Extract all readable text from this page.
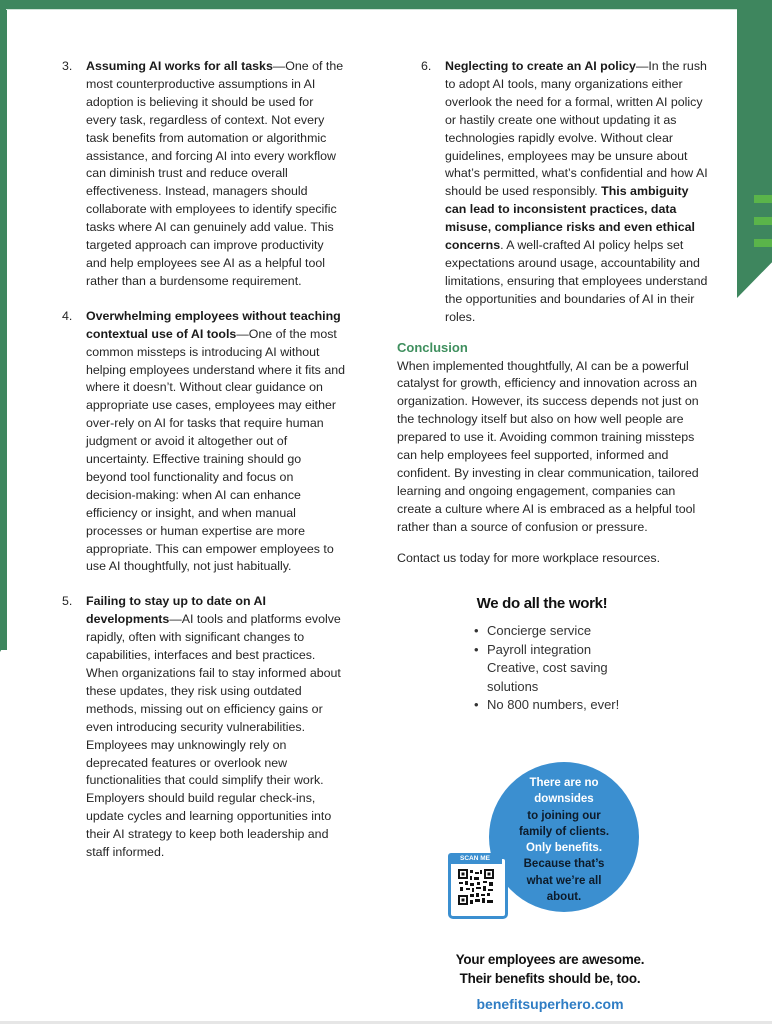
3. Assuming AI works for all tasks—One of the most counterproductive assumptions in AI adoption is believing it should be used for every task, regardless of context. Not every task benefits from automation or algorithmic assistance, and forcing AI into every workflow can diminish trust and reduce overall effectiveness. Instead, managers should collaborate with employees to identify specific tasks where AI can genuinely add value. This targeted approach can improve productivity and help employees see AI as a helpful tool rather than a burdensome requirement.
4. Overwhelming employees without teaching contextual use of AI tools—One of the most common missteps is introducing AI without helping employees understand where it fits and where it doesn’t. Without clear guidance on appropriate use cases, employees may either over-rely on AI for tasks that require human judgment or avoid it altogether out of uncertainty. Effective training should go beyond tool functionality and focus on decision-making: when AI can enhance efficiency or insight, and when manual processes or human expertise are more appropriate. This can empower employees to use AI thoughtfully, not just habitually.
5. Failing to stay up to date on AI developments—AI tools and platforms evolve rapidly, often with significant changes to capabilities, interfaces and best practices. When organizations fail to stay informed about these updates, they risk using outdated methods, missing out on efficiency gains or even introducing security vulnerabilities. Employees may unknowingly rely on deprecated features or overlook new functionalities that could simplify their work. Employers should build regular check-ins, update cycles and learning opportunities into their AI strategy to keep both leadership and staff informed.
6. Neglecting to create an AI policy—In the rush to adopt AI tools, many organizations either overlook the need for a formal, written AI policy or hastily create one without updating it as technologies rapidly evolve. Without clear guidelines, employees may be unsure about what’s permitted, what’s confidential and how AI should be used responsibly. This ambiguity can lead to inconsistent practices, data misuse, compliance risks and even ethical concerns. A well-crafted AI policy helps set expectations around usage, accountability and limitations, ensuring that employees understand the opportunities and boundaries of AI in their roles.
Conclusion

When implemented thoughtfully, AI can be a powerful catalyst for growth, efficiency and innovation across an organization. However, its success depends not just on the technology itself but also on how well people are prepared to use it. Avoiding common training missteps can help employees feel supported, informed and confident. By investing in clear communication, tailored learning and ongoing engagement, companies can create a culture where AI is embraced as a helpful tool rather than a source of confusion or pressure.

Contact us today for more workplace resources.

We do all the work!
• Concierge service
• Payroll integration
Creative, cost saving solutions
• No 800 numbers, ever!
There are no
downsides
to joining our
family of clients.
Only benefits.
Because that’s
what we’re all
about.
SCAN ME
Your employees are awesome.
Their benefits should be, too.
benefitsuperhero.com
